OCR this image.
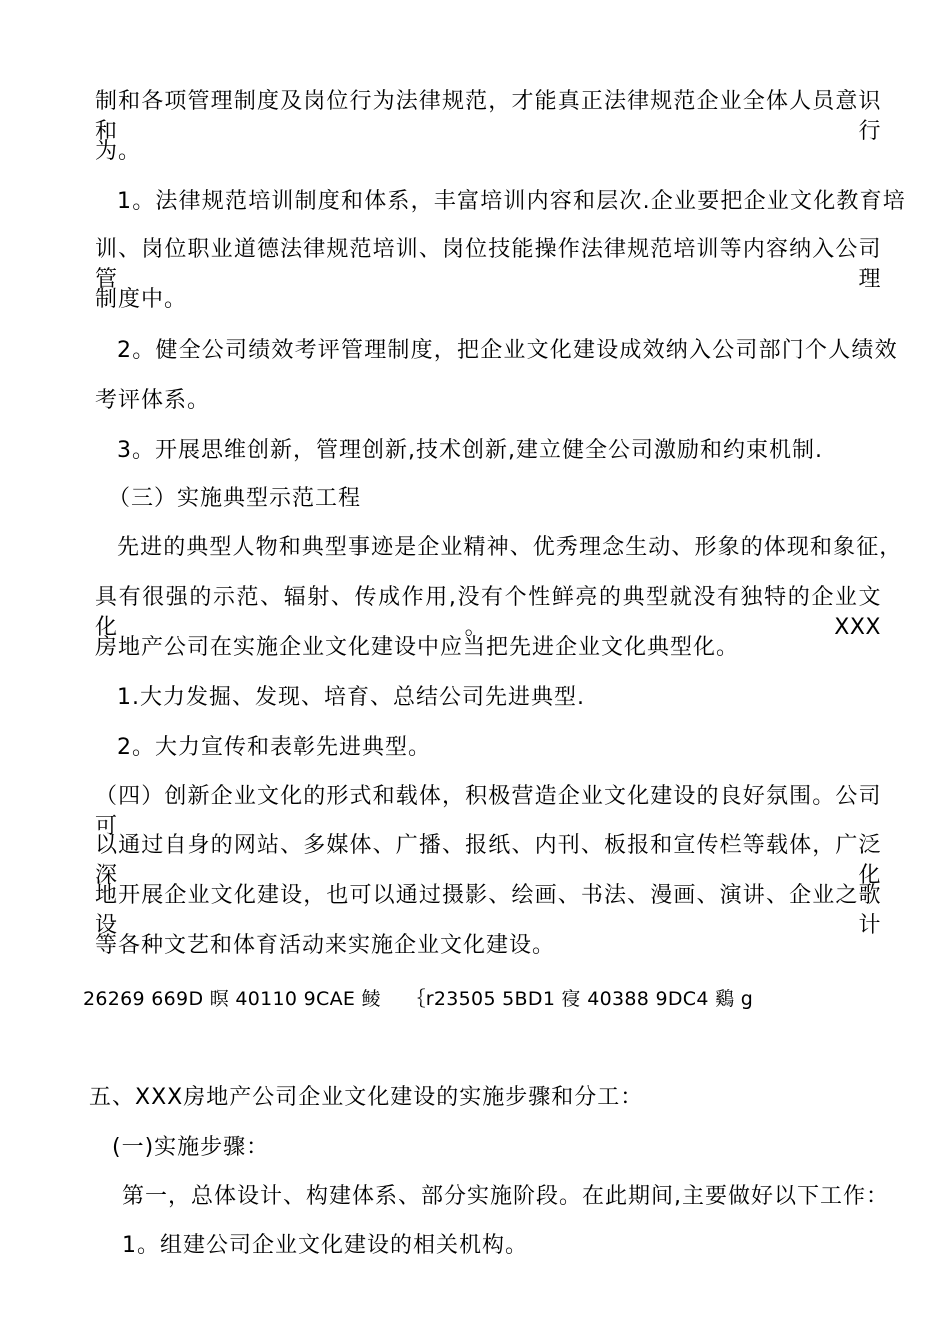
制和各项管理制度及岗位行为法律规范，才能真正法律规范企业全体人员意识和行
为。
1。法律规范培训制度和体系，丰富培训内容和层次.企业要把企业文化教育培
训、岗位职业道德法律规范培训、岗位技能操作法律规范培训等内容纳入公司管理
制度中。
2。健全公司绩效考评管理制度，把企业文化建设成效纳入公司部门个人绩效
考评体系。
3。开展思维创新，管理创新,技术创新,建立健全公司激励和约束机制.
（三）实施典型示范工程
先进的典型人物和典型事迹是企业精神、优秀理念生动、形象的体现和象征，
具有很强的示范、辐射、传成作用,没有个性鲜亮的典型就没有独特的企业文化。XXX
房地产公司在实施企业文化建设中应当把先进企业文化典型化。
1.大力发掘、发现、培育、总结公司先进典型.
2。大力宣传和表彰先进典型。
（四）创新企业文化的形式和载体，积极营造企业文化建设的良好氛围。公司可
以通过自身的网站、多媒体、广播、报纸、内刊、板报和宣传栏等载体，广泛深化
地开展企业文化建设，也可以通过摄影、绘画、书法、漫画、演讲、企业之歌设计
等各种文艺和体育活动来实施企业文化建设。
26269 669D 暝 40110 9CAE 鲮　 ｛r23505 5BD1 寑 40388 9DC4 鷄 g
五、XXX房地产公司企业文化建设的实施步骤和分工：
(一)实施步骤：
第一，总体设计、构建体系、部分实施阶段。在此期间,主要做好以下工作：
1。组建公司企业文化建设的相关机构。
